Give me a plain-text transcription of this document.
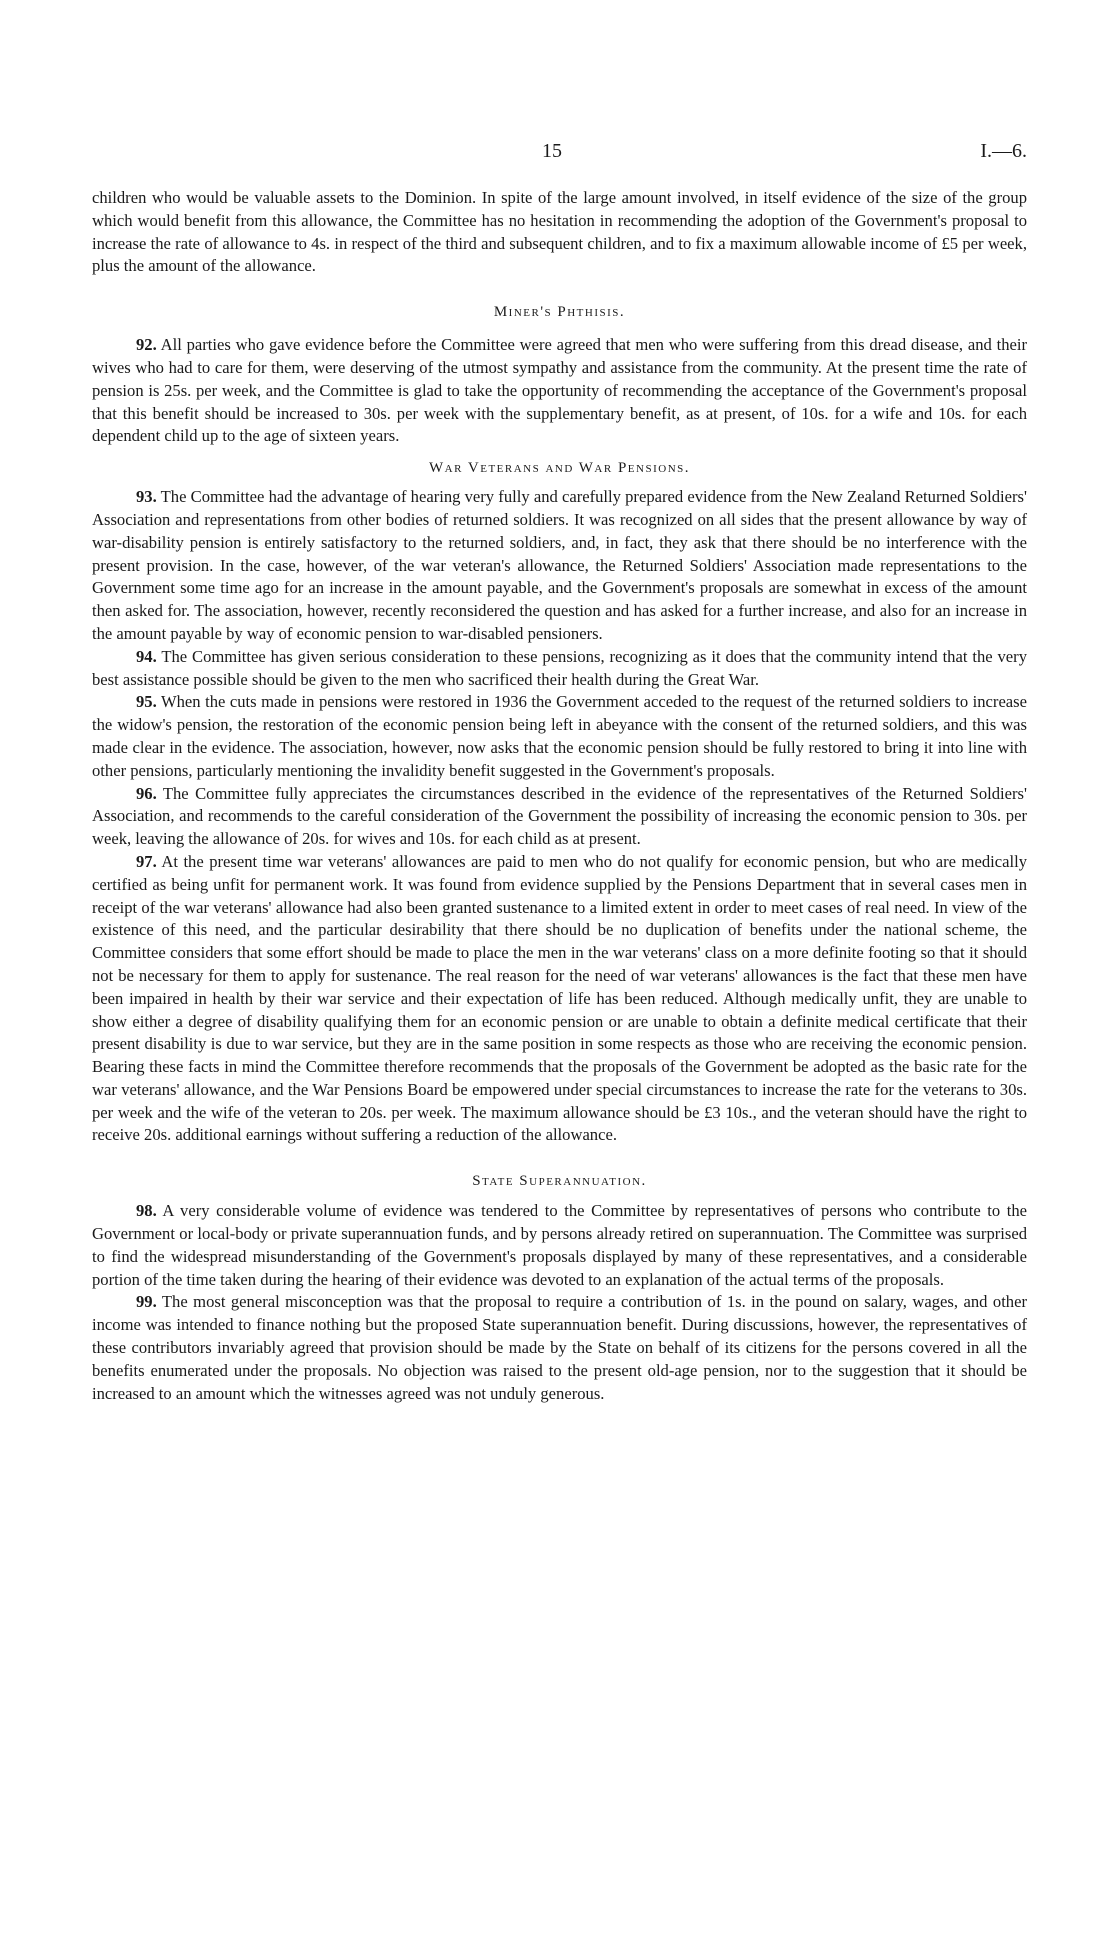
15	I.—6.

children who would be valuable assets to the Dominion. In spite of the large amount involved, in itself evidence of the size of the group which would benefit from this allowance, the Committee has no hesitation in recommending the adoption of the Government's proposal to increase the rate of allowance to 4s. in respect of the third and subsequent children, and to fix a maximum allowable income of £5 per week, plus the amount of the allowance.

Miner's Phthisis.

92. All parties who gave evidence before the Committee were agreed that men who were suffering from this dread disease, and their wives who had to care for them, were deserving of the utmost sympathy and assistance from the community. At the present time the rate of pension is 25s. per week, and the Committee is glad to take the opportunity of recommending the acceptance of the Government's proposal that this benefit should be increased to 30s. per week with the supplementary benefit, as at present, of 10s. for a wife and 10s. for each dependent child up to the age of sixteen years.

War Veterans and War Pensions.

93. The Committee had the advantage of hearing very fully and carefully prepared evidence from the New Zealand Returned Soldiers' Association and representations from other bodies of returned soldiers. It was recognized on all sides that the present allowance by way of war-disability pension is entirely satisfactory to the returned soldiers, and, in fact, they ask that there should be no interference with the present provision. In the case, however, of the war veteran's allowance, the Returned Soldiers' Association made representations to the Government some time ago for an increase in the amount payable, and the Government's proposals are somewhat in excess of the amount then asked for. The association, however, recently reconsidered the question and has asked for a further increase, and also for an increase in the amount payable by way of economic pension to war-disabled pensioners.

94. The Committee has given serious consideration to these pensions, recognizing as it does that the community intend that the very best assistance possible should be given to the men who sacrificed their health during the Great War.

95. When the cuts made in pensions were restored in 1936 the Government acceded to the request of the returned soldiers to increase the widow's pension, the restoration of the economic pension being left in abeyance with the consent of the returned soldiers, and this was made clear in the evidence. The association, however, now asks that the economic pension should be fully restored to bring it into line with other pensions, particularly mentioning the invalidity benefit suggested in the Government's proposals.

96. The Committee fully appreciates the circumstances described in the evidence of the representatives of the Returned Soldiers' Association, and recommends to the careful consideration of the Government the possibility of increasing the economic pension to 30s. per week, leaving the allowance of 20s. for wives and 10s. for each child as at present.

97. At the present time war veterans' allowances are paid to men who do not qualify for economic pension, but who are medically certified as being unfit for permanent work. It was found from evidence supplied by the Pensions Department that in several cases men in receipt of the war veterans' allowance had also been granted sustenance to a limited extent in order to meet cases of real need. In view of the existence of this need, and the particular desirability that there should be no duplication of benefits under the national scheme, the Committee considers that some effort should be made to place the men in the war veterans' class on a more definite footing so that it should not be necessary for them to apply for sustenance. The real reason for the need of war veterans' allowances is the fact that these men have been impaired in health by their war service and their expectation of life has been reduced. Although medically unfit, they are unable to show either a degree of disability qualifying them for an economic pension or are unable to obtain a definite medical certificate that their present disability is due to war service, but they are in the same position in some respects as those who are receiving the economic pension. Bearing these facts in mind the Committee therefore recommends that the proposals of the Government be adopted as the basic rate for the war veterans' allowance, and the War Pensions Board be empowered under special circumstances to increase the rate for the veterans to 30s. per week and the wife of the veteran to 20s. per week. The maximum allowance should be £3 10s., and the veteran should have the right to receive 20s. additional earnings without suffering a reduction of the allowance.

State Superannuation.

98. A very considerable volume of evidence was tendered to the Committee by representatives of persons who contribute to the Government or local-body or private superannuation funds, and by persons already retired on superannuation. The Committee was surprised to find the widespread misunderstanding of the Government's proposals displayed by many of these representatives, and a considerable portion of the time taken during the hearing of their evidence was devoted to an explanation of the actual terms of the proposals.

99. The most general misconception was that the proposal to require a contribution of 1s. in the pound on salary, wages, and other income was intended to finance nothing but the proposed State superannuation benefit. During discussions, however, the representatives of these contributors invariably agreed that provision should be made by the State on behalf of its citizens for the persons covered in all the benefits enumerated under the proposals. No objection was raised to the present old-age pension, nor to the suggestion that it should be increased to an amount which the witnesses agreed was not unduly generous.
